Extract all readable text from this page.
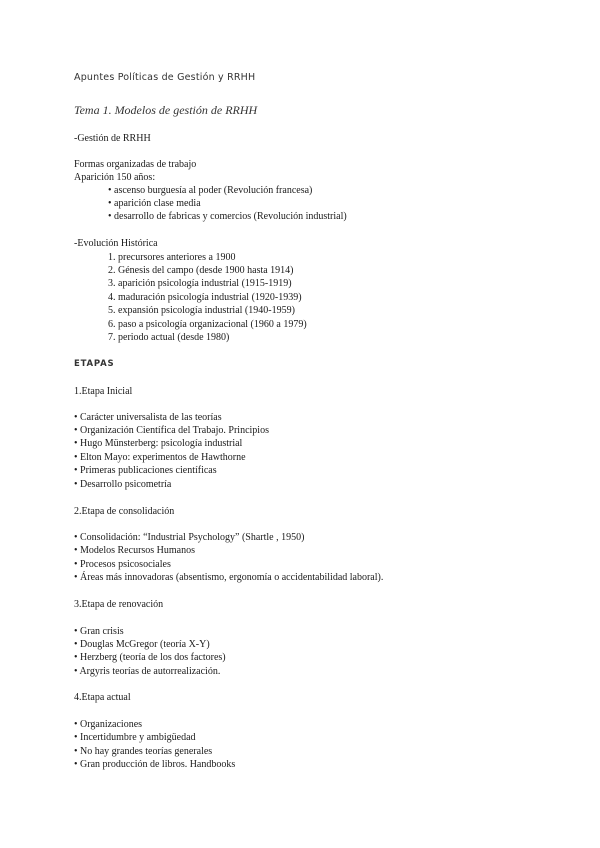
Apuntes Políticas de Gestión y RRHH
Tema 1. Modelos de gestión de RRHH
-Gestión de RRHH
Formas organizadas de trabajo
Aparición 150 años:
• ascenso burguesía al poder (Revolución francesa)
• aparición clase media
• desarrollo de fabricas y comercios (Revolución industrial)
-Evolución Histórica
1. precursores anteriores a 1900
2. Génesis del campo (desde 1900 hasta 1914)
3. aparición psicología industrial (1915-1919)
4. maduración psicología industrial (1920-1939)
5. expansión psicología industrial (1940-1959)
6. paso a psicología organizacional (1960 a 1979)
7. periodo actual (desde 1980)
ETAPAS
1.Etapa Inicial
• Carácter universalista de las teorías
• Organización Científica del Trabajo. Principios
• Hugo Münsterberg: psicología industrial
• Elton Mayo: experimentos de Hawthorne
• Primeras publicaciones científicas
• Desarrollo psicometría
2.Etapa de consolidación
• Consolidación: “Industrial Psychology” (Shartle , 1950)
• Modelos Recursos Humanos
• Procesos psicosociales
• Áreas más innovadoras (absentismo, ergonomía o accidentabilidad laboral).
3.Etapa de renovación
• Gran crisis
• Douglas McGregor (teoría X-Y)
• Herzberg (teoría de los dos factores)
• Argyris teorías de autorrealización.
4.Etapa actual
• Organizaciones
• Incertidumbre y ambigüedad
• No hay grandes teorías generales
• Gran producción de libros. Handbooks
